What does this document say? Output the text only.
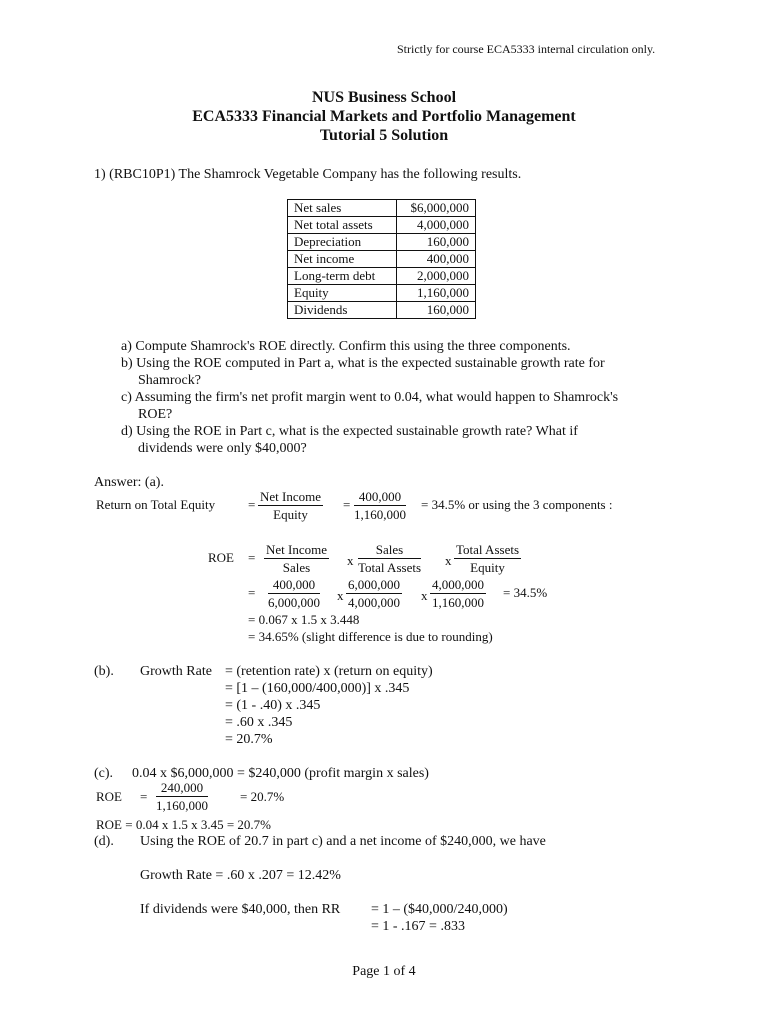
Strictly for course ECA5333 internal circulation only.
NUS Business School
ECA5333 Financial Markets and Portfolio Management
Tutorial 5 Solution
1) (RBC10P1) The Shamrock Vegetable Company has the following results.
Net sales	$6,000,000
Net total assets	4,000,000
Depreciation	160,000
Net income	400,000
Long-term debt	2,000,000
Equity	1,160,000
Dividends	160,000
a) Compute Shamrock's ROE directly. Confirm this using the three components.
b) Using the ROE computed in Part a, what is the expected sustainable growth rate for
Shamrock?
c) Assuming the firm's net profit margin went to 0.04, what would happen to Shamrock's
ROE?
d) Using the ROE in Part c, what is the expected sustainable growth rate? What if
dividends were only $40,000?
Answer: (a).
Return on Total Equity	=
Net Income
Equity
= $\frac{400,000}{1,160,000} = 34.5\%$ or using the 3 components :
ROE =
Net Income
Sales	x
Sales
Total Assets x
Total Assets
Equity
= $\frac{400,000}{6,000,000}$ x $\frac{6,000,000}{4,000,000}$ x $\frac{4,000,000}{1,160,000} = 34.5\%$
= 0.067 x 1.5 x 3.448
= 34.65% (slight difference is due to rounding)
(b). Growth Rate = (retention rate) x (return on equity)
= [1 – (160,000/400,000)] x .345
= (1 - .40) x .345
= .60 x .345
= 20.7%
(c). 0.04 x $6,000,000 = $240,000 (profit margin x sales)
ROE = $\frac{240,000}{1,160,000} = 20.7\%$
ROE = 0.04 x 1.5 x 3.45 = 20.7%
(d). Using the ROE of 20.7 in part c) and a net income of $240,000, we have
Growth Rate = .60 x .207 = 12.42%
If dividends were $40,000, then RR = 1 – ($40,000/240,000)
= 1 - .167 = .833
Page 1 of 4
